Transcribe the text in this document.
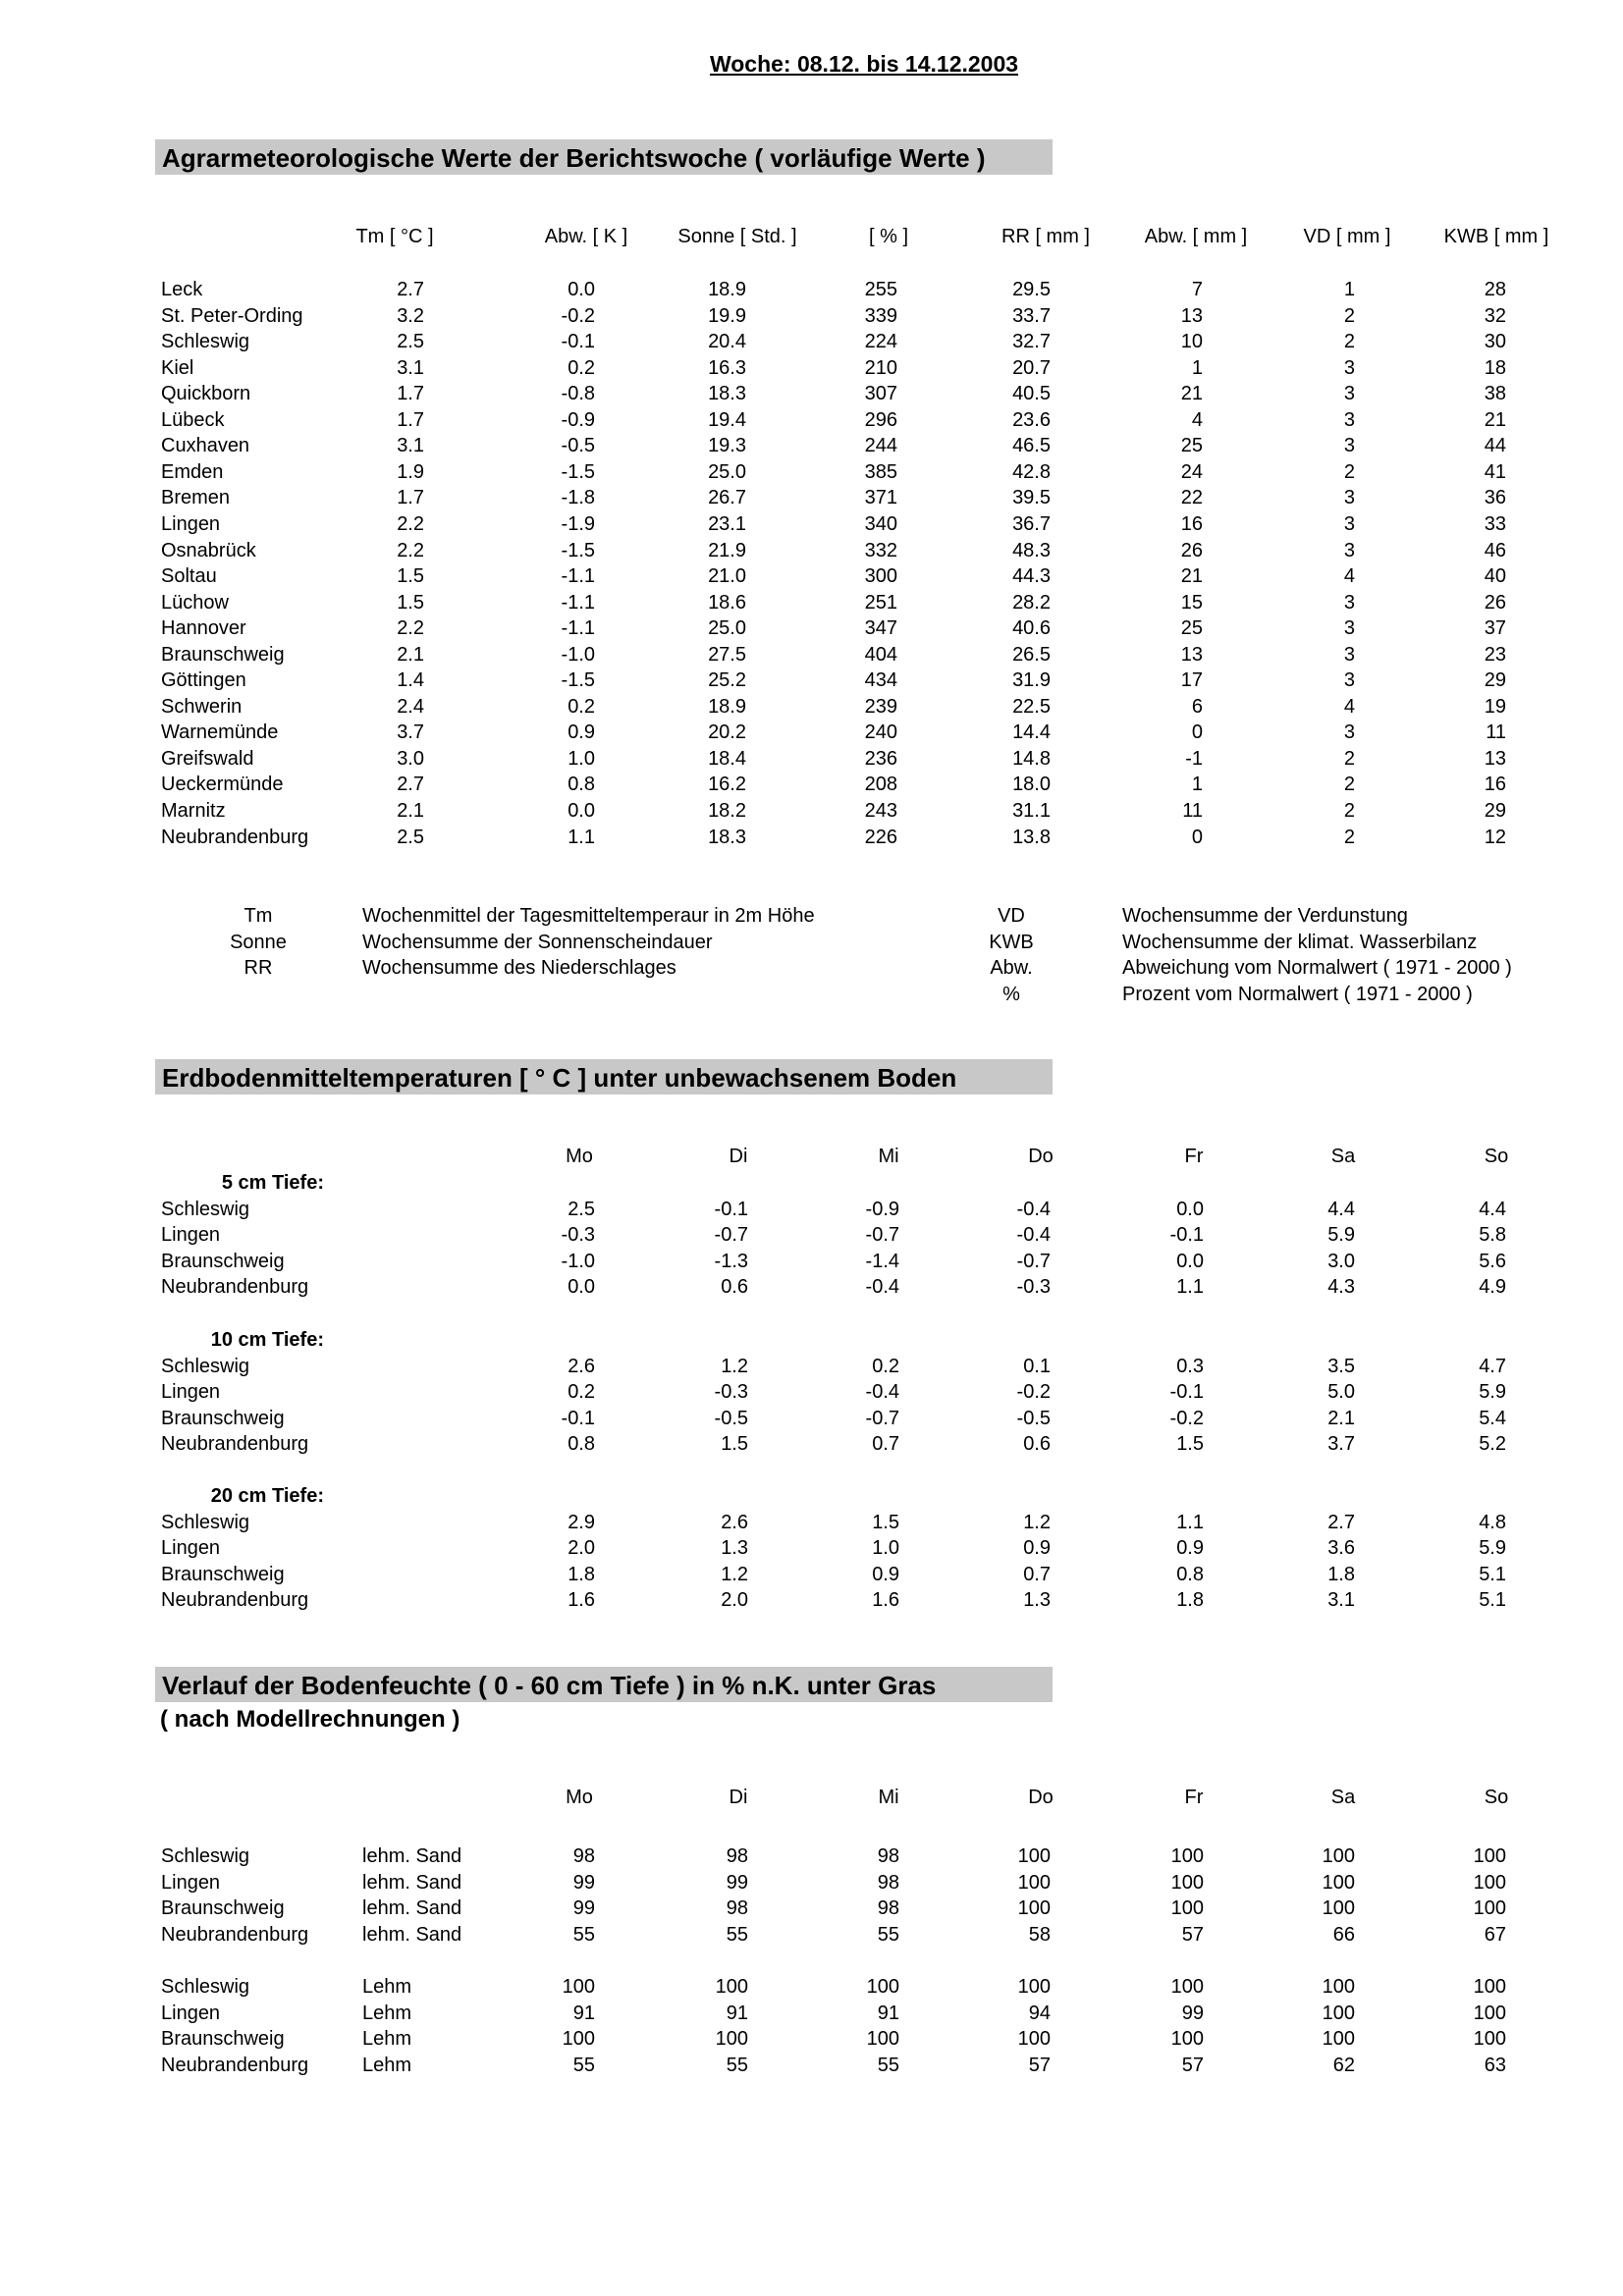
Woche: 08.12. bis 14.12.2003
Agrarmeteorologische Werte der Berichtswoche ( vorläufige Werte )
Tm [ °C ]	Abw. [ K ]	Sonne [ Std. ]	[ % ]	RR [ mm ]	Abw. [ mm ]	VD [ mm ]	KWB [ mm ]
Leck	2.7	0.0	18.9	255	29.5	7	1	28
St. Peter-Ording	3.2	-0.2	19.9	339	33.7	13	2	32
Schleswig	2.5	-0.1	20.4	224	32.7	10	2	30
Kiel	3.1	0.2	16.3	210	20.7	1	3	18
Quickborn	1.7	-0.8	18.3	307	40.5	21	3	38
Lübeck	1.7	-0.9	19.4	296	23.6	4	3	21
Cuxhaven	3.1	-0.5	19.3	244	46.5	25	3	44
Emden	1.9	-1.5	25.0	385	42.8	24	2	41
Bremen	1.7	-1.8	26.7	371	39.5	22	3	36
Lingen	2.2	-1.9	23.1	340	36.7	16	3	33
Osnabrück	2.2	-1.5	21.9	332	48.3	26	3	46
Soltau	1.5	-1.1	21.0	300	44.3	21	4	40
Lüchow	1.5	-1.1	18.6	251	28.2	15	3	26
Hannover	2.2	-1.1	25.0	347	40.6	25	3	37
Braunschweig	2.1	-1.0	27.5	404	26.5	13	3	23
Göttingen	1.4	-1.5	25.2	434	31.9	17	3	29
Schwerin	2.4	0.2	18.9	239	22.5	6	4	19
Warnemünde	3.7	0.9	20.2	240	14.4	0	3	11
Greifswald	3.0	1.0	18.4	236	14.8	-1	2	13
Ueckermünde	2.7	0.8	16.2	208	18.0	1	2	16
Marnitz	2.1	0.0	18.2	243	31.1	11	2	29
Neubrandenburg	2.5	1.1	18.3	226	13.8	0	2	12
Tm	Wochenmittel der Tagesmitteltemperaur in 2m Höhe
Sonne	Wochensumme der Sonnenscheindauer
RR	Wochensumme des Niederschlages
VD	Wochensumme der Verdunstung
KWB	Wochensumme der klimat. Wasserbilanz
Abw.	Abweichung vom Normalwert ( 1971 - 2000 )
%	Prozent vom Normalwert ( 1971 - 2000 )
Erdbodenmitteltemperaturen [ ° C ] unter unbewachsenem Boden
Mo	Di	Mi	Do	Fr	Sa	So
5 cm Tiefe:
Schleswig	2.5	-0.1	-0.9	-0.4	0.0	4.4	4.4
Lingen	-0.3	-0.7	-0.7	-0.4	-0.1	5.9	5.8
Braunschweig	-1.0	-1.3	-1.4	-0.7	0.0	3.0	5.6
Neubrandenburg	0.0	0.6	-0.4	-0.3	1.1	4.3	4.9
10 cm Tiefe:
Schleswig	2.6	1.2	0.2	0.1	0.3	3.5	4.7
Lingen	0.2	-0.3	-0.4	-0.2	-0.1	5.0	5.9
Braunschweig	-0.1	-0.5	-0.7	-0.5	-0.2	2.1	5.4
Neubrandenburg	0.8	1.5	0.7	0.6	1.5	3.7	5.2
20 cm Tiefe:
Schleswig	2.9	2.6	1.5	1.2	1.1	2.7	4.8
Lingen	2.0	1.3	1.0	0.9	0.9	3.6	5.9
Braunschweig	1.8	1.2	0.9	0.7	0.8	1.8	5.1
Neubrandenburg	1.6	2.0	1.6	1.3	1.8	3.1	5.1
Verlauf der Bodenfeuchte ( 0 - 60 cm Tiefe ) in % n.K. unter Gras
( nach Modellrechnungen )
Mo	Di	Mi	Do	Fr	Sa	So
Schleswig	lehm. Sand	98	98	98	100	100	100	100
Lingen	lehm. Sand	99	99	98	100	100	100	100
Braunschweig	lehm. Sand	99	98	98	100	100	100	100
Neubrandenburg	lehm. Sand	55	55	55	58	57	66	67
Schleswig	Lehm	100	100	100	100	100	100	100
Lingen	Lehm	91	91	91	94	99	100	100
Braunschweig	Lehm	100	100	100	100	100	100	100
Neubrandenburg	Lehm	55	55	55	57	57	62	63
